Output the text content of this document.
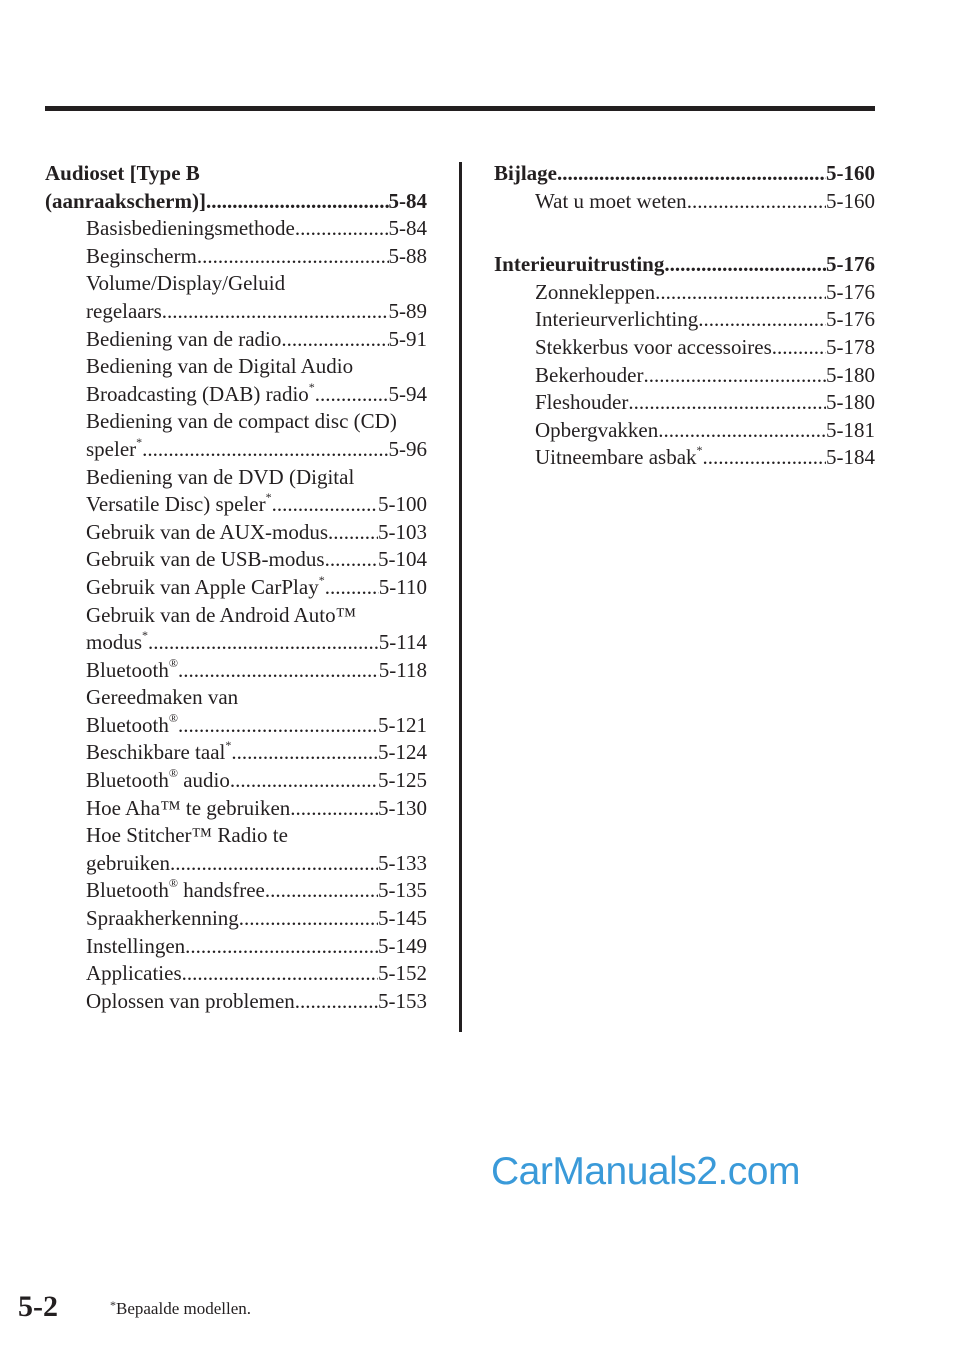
Audioset [Type B
(aanraakscherm)] .....	5-84
Basisbedieningsmethode .....	5-84
Beginscherm .....	5-88
Volume/Display/Geluid
regelaars .....	5-89
Bediening van de radio .....	5-91
Bediening van de Digital Audio
Broadcasting (DAB) radio* .....	5-94
Bediening van de compact disc (CD)
speler* .....	5-96
Bediening van de DVD (Digital
Versatile Disc) speler* .....	5-100
Gebruik van de AUX-modus ..... 5-103
Gebruik van de USB-modus .....	5-104
Gebruik van Apple CarPlay* .....	5-110
Gebruik van de Android Auto™
modus* .....	5-114
Bluetooth® .....	5-118
Gereedmaken van
Bluetooth® .....	5-121
Beschikbare taal* .....	5-124
Bluetooth® audio .....	5-125
Hoe Aha™ te gebruiken .....	5-130
Hoe Stitcher™ Radio te
gebruiken .....	5-133
Bluetooth® handsfree .....	5-135
Spraakherkenning .....	5-145
Instellingen .....	5-149
Applicaties .....	5-152
Oplossen van problemen .....	5-153
Bijlage .....	5-160
Wat u moet weten .....	5-160
Interieuruitrusting .....	5-176
Zonnekleppen .....	5-176
Interieurverlichting .....	5-176
Stekkerbus voor accessoires .....	5-178
Bekerhouder .....	5-180
Fleshouder .....	5-180
Opbergvakken .....	5-181
Uitneembare asbak* .....	5-184
CarManuals2.com
5-2	*Bepaalde modellen.
